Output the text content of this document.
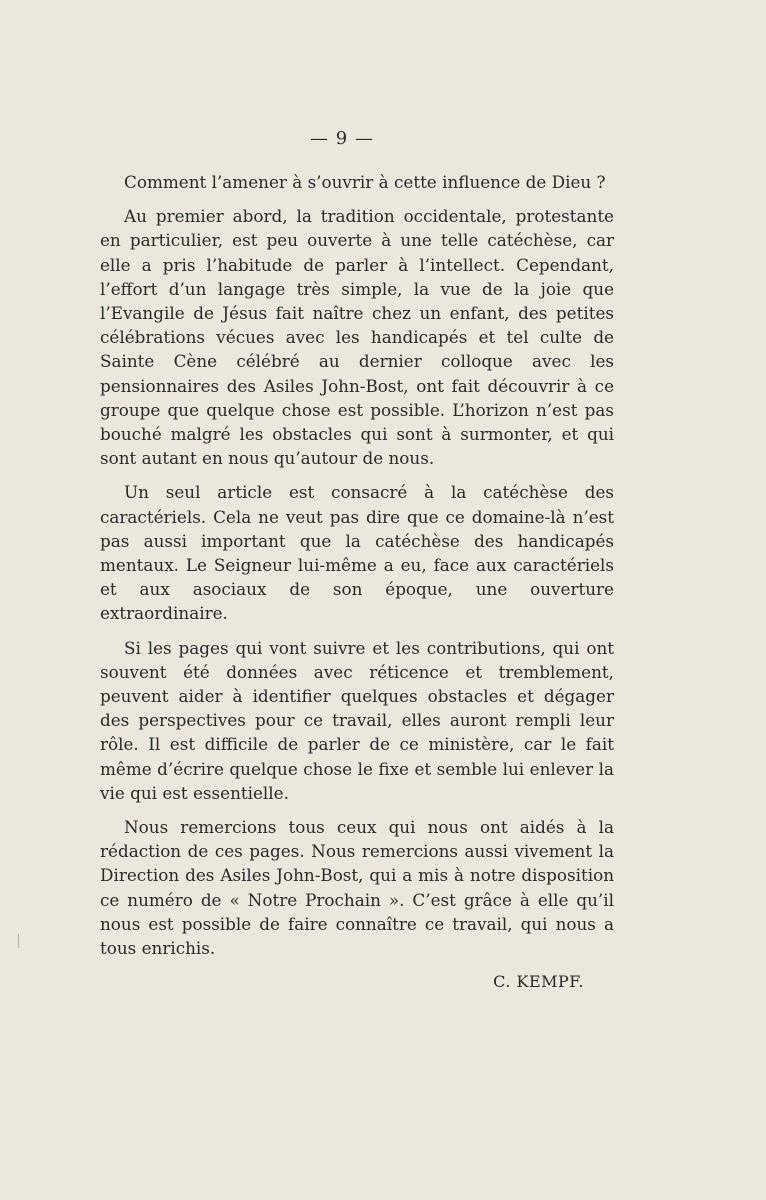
— 9 —

Comment l’amener à s’ouvrir à cette influence de Dieu ?

Au premier abord, la tradition occidentale, protestante en particulier, est peu ouverte à une telle catéchèse, car elle a pris l’habitude de parler à l’intellect. Cependant, l’effort d’un langage très simple, la vue de la joie que l’Evangile de Jésus fait naître chez un enfant, des petites célébrations vécues avec les handicapés et tel culte de Sainte Cène célébré au dernier colloque avec les pensionnaires des Asiles John-Bost, ont fait découvrir à ce groupe que quelque chose est possible. L’horizon n’est pas bouché malgré les obstacles qui sont à surmonter, et qui sont autant en nous qu’autour de nous.

Un seul article est consacré à la catéchèse des caractériels. Cela ne veut pas dire que ce domaine-là n’est pas aussi important que la catéchèse des handicapés mentaux. Le Seigneur lui-même a eu, face aux caractériels et aux asociaux de son époque, une ouverture extraordinaire.

Si les pages qui vont suivre et les contributions, qui ont souvent été données avec réticence et tremblement, peuvent aider à identifier quelques obstacles et dégager des perspectives pour ce travail, elles auront rempli leur rôle. Il est difficile de parler de ce ministère, car le fait même d’écrire quelque chose le fixe et semble lui enlever la vie qui est essentielle.

Nous remercions tous ceux qui nous ont aidés à la rédaction de ces pages. Nous remercions aussi vivement la Direction des Asiles John-Bost, qui a mis à notre disposition ce numéro de « Notre Prochain ». C’est grâce à elle qu’il nous est possible de faire connaître ce travail, qui nous a tous enrichis.

C. KEMPF.
